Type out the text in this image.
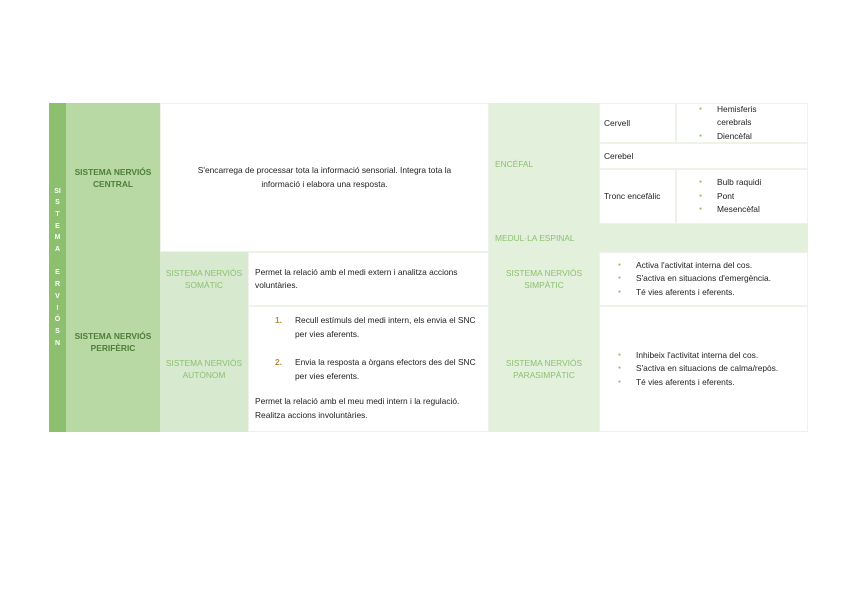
SI
S
T
E
M
A
E
R
V
I
Ó
S
N
SISTEMA NERVIÓS CENTRAL
SISTEMA NERVIÓS PERIFÈRIC
S'encarrega de processar tota la informació sensorial. Integra tota la informació i elabora una resposta.
SISTEMA NERVIÓS SOMÀTIC
Permet la relació amb el medi extern i analitza accions voluntàries.
SISTEMA NERVIÓS AUTÒNOM
1. Recull estímuls del medi intern, els envia el SNC per vies aferents.
2. Envia la resposta a òrgans efectors des del SNC per vies eferents.
Permet la relació amb el meu medi intern i la regulació. Realitza accions involuntàries.
ENCÈFAL
MEDUL·LA ESPINAL
SISTEMA NERVIÓS SIMPÀTIC
SISTEMA NERVIÓS PARASIMPÀTIC
Cervell
● Hemisferis cerebrals
● Diencèfal
Cerebel
Tronc encefàlic
● Bulb raquidi
● Pont
● Mesencèfal
● Activa l'activitat interna del cos.
● S'activa en situacions d'emergència.
● Té vies aferents i eferents.
● Inhibeix l'activitat interna del cos.
● S'activa en situacions de calma/repòs.
● Té vies aferents i eferents.
